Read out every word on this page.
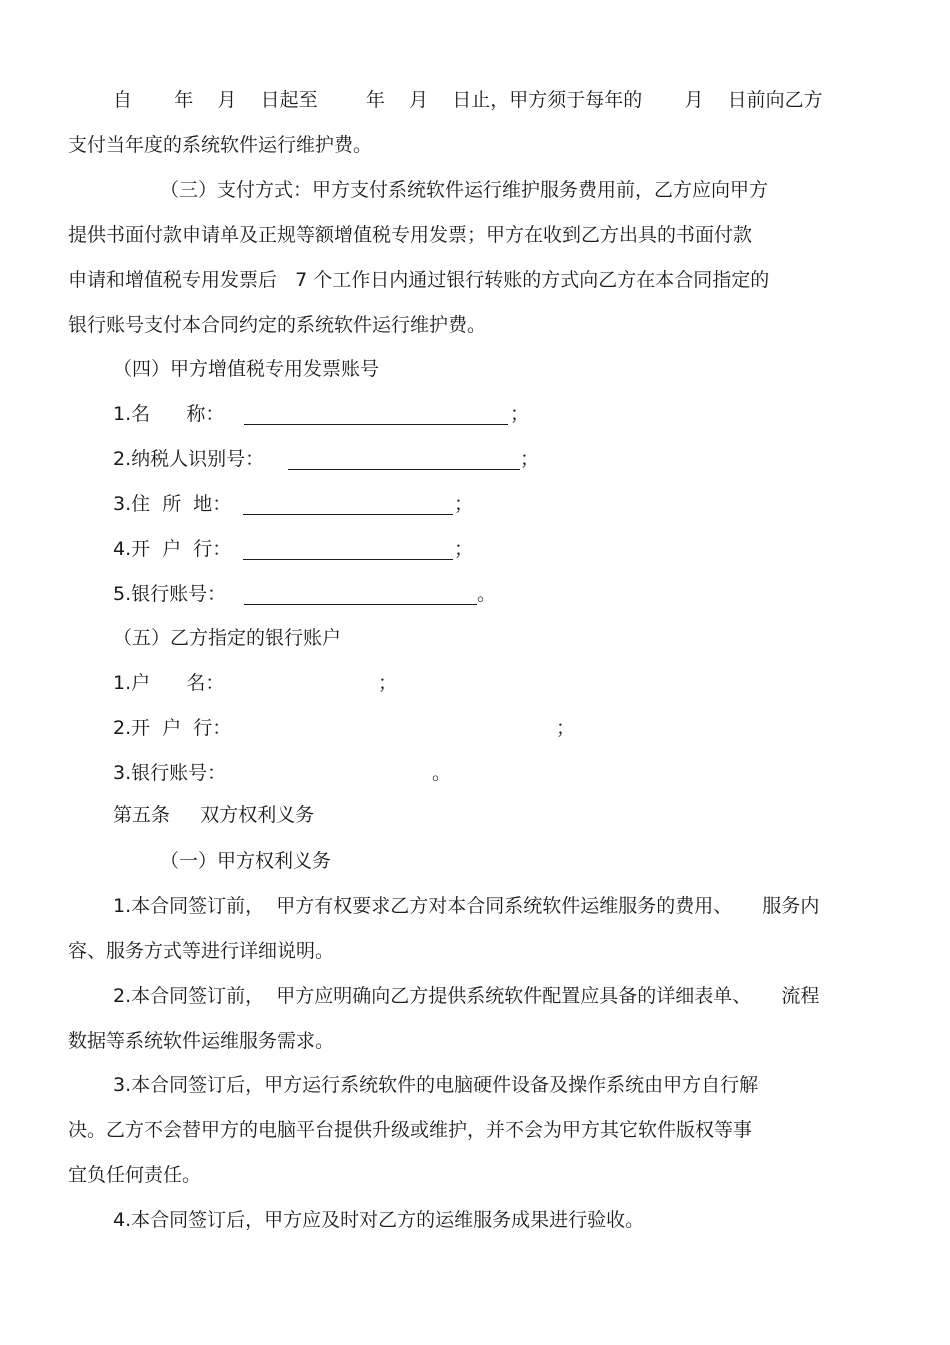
自       年    月    日起至        年    月    日止，甲方须于每年的       月    日前向乙方
支付当年度的系统软件运行维护费。
（三）支付方式：甲方支付系统软件运行维护服务费用前，乙方应向甲方
提供书面付款申请单及正规等额增值税专用发票；甲方在收到乙方出具的书面付款
申请和增值税专用发票后   7 个工作日内通过银行转账的方式向乙方在本合同指定的
银行账号支付本合同约定的系统软件运行维护费。
（四）甲方增值税专用发票账号
1.名      称：	；
2.纳税人识别号：	；
3.住  所  地：	；
4.开  户  行：	；
5.银行账号：	。
（五）乙方指定的银行账户
1.户      名：	；
2.开  户  行：	；
3.银行账号：	。
第五条     双方权利义务
（一）甲方权利义务
1.本合同签订前，  甲方有权要求乙方对本合同系统软件运维服务的费用、     服务内
容、服务方式等进行详细说明。
2.本合同签订前，  甲方应明确向乙方提供系统软件配置应具备的详细表单、     流程
数据等系统软件运维服务需求。
3.本合同签订后，甲方运行系统软件的电脑硬件设备及操作系统由甲方自行解
决。乙方不会替甲方的电脑平台提供升级或维护，并不会为甲方其它软件版权等事
宜负任何责任。
4.本合同签订后，甲方应及时对乙方的运维服务成果进行验收。
